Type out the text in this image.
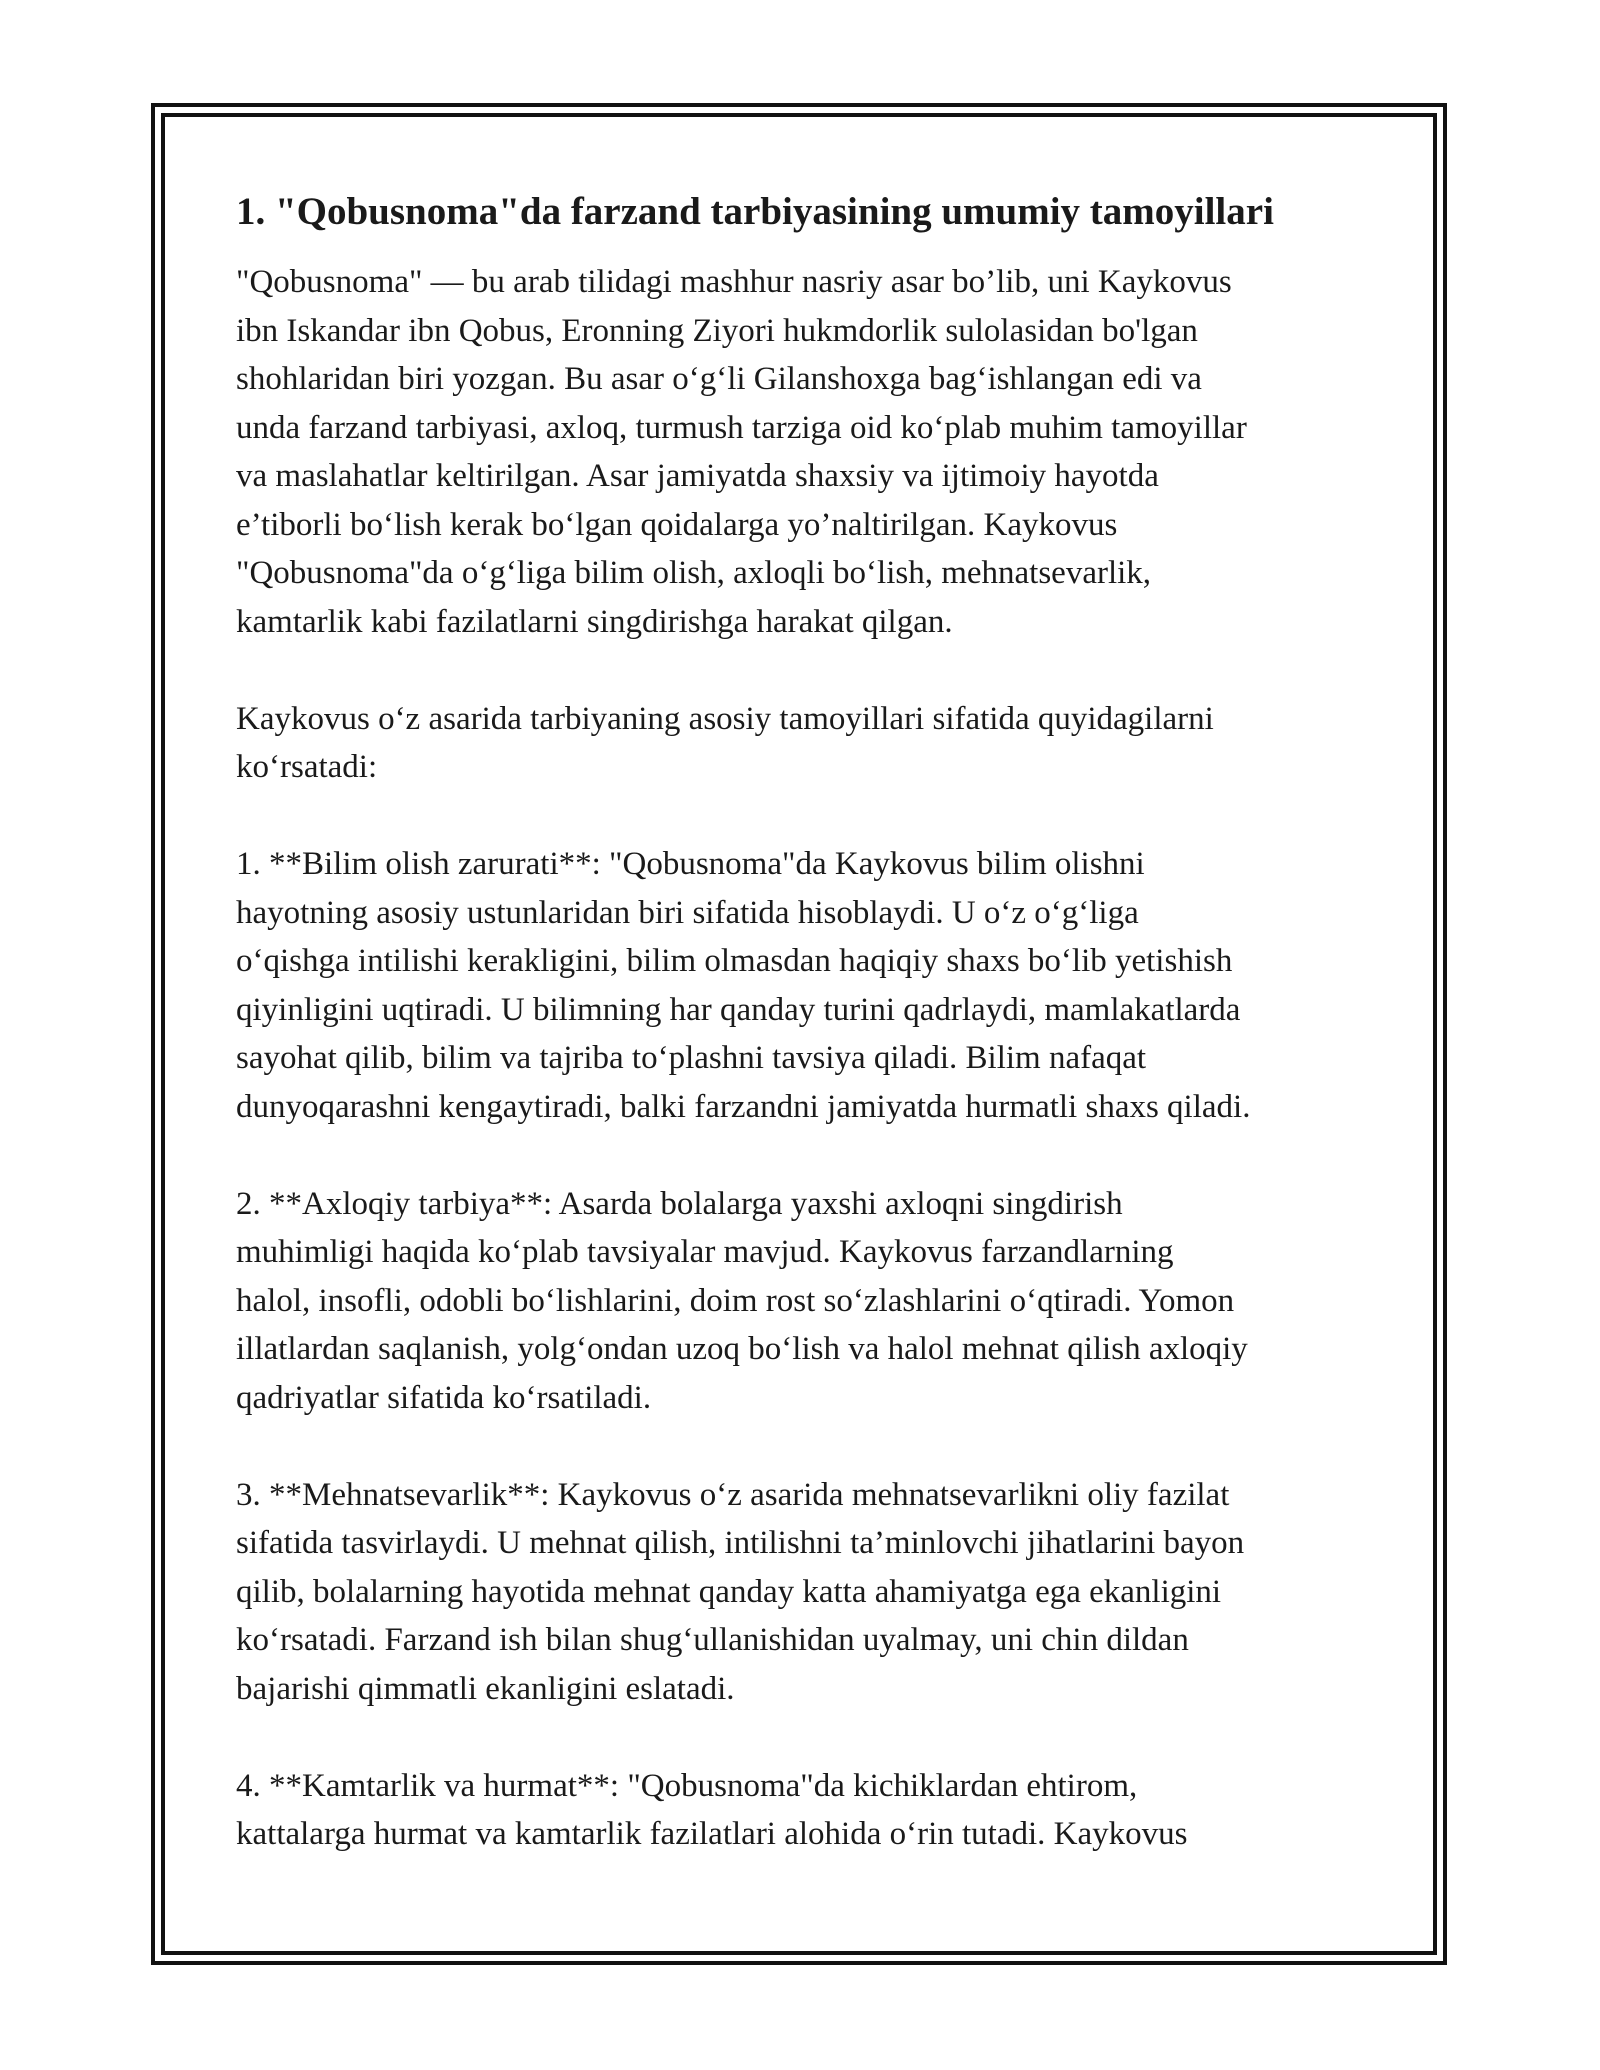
1. "Qobusnoma"da farzand tarbiyasining umumiy tamoyillari

"Qobusnoma" — bu arab tilidagi mashhur nasriy asar bo’lib, uni Kaykovus
ibn Iskandar ibn Qobus, Eronning Ziyori hukmdorlik sulolasidan bo'lgan
shohlaridan biri yozgan. Bu asar o‘g‘li Gilanshoxga bag‘ishlangan edi va
unda farzand tarbiyasi, axloq, turmush tarziga oid ko‘plab muhim tamoyillar
va maslahatlar keltirilgan. Asar jamiyatda shaxsiy va ijtimoiy hayotda
e’tiborli bo‘lish kerak bo‘lgan qoidalarga yo’naltirilgan. Kaykovus
"Qobusnoma"da o‘g‘liga bilim olish, axloqli bo‘lish, mehnatsevarlik,
kamtarlik kabi fazilatlarni singdirishga harakat qilgan.

Kaykovus o‘z asarida tarbiyaning asosiy tamoyillari sifatida quyidagilarni
ko‘rsatadi:

1. **Bilim olish zarurati**: "Qobusnoma"da Kaykovus bilim olishni
hayotning asosiy ustunlaridan biri sifatida hisoblaydi. U o‘z o‘g‘liga
o‘qishga intilishi kerakligini, bilim olmasdan haqiqiy shaxs bo‘lib yetishish
qiyinligini uqtiradi. U bilimning har qanday turini qadrlaydi, mamlakatlarda
sayohat qilib, bilim va tajriba to‘plashni tavsiya qiladi. Bilim nafaqat
dunyoqarashni kengaytiradi, balki farzandni jamiyatda hurmatli shaxs qiladi.

2. **Axloqiy tarbiya**: Asarda bolalarga yaxshi axloqni singdirish
muhimligi haqida ko‘plab tavsiyalar mavjud. Kaykovus farzandlarning
halol, insofli, odobli bo‘lishlarini, doim rost so‘zlashlarini o‘qtiradi. Yomon
illatlardan saqlanish, yolg‘ondan uzoq bo‘lish va halol mehnat qilish axloqiy
qadriyatlar sifatida ko‘rsatiladi.

3. **Mehnatsevarlik**: Kaykovus o‘z asarida mehnatsevarlikni oliy fazilat
sifatida tasvirlaydi. U mehnat qilish, intilishni ta’minlovchi jihatlarini bayon
qilib, bolalarning hayotida mehnat qanday katta ahamiyatga ega ekanligini
ko‘rsatadi. Farzand ish bilan shug‘ullanishidan uyalmay, uni chin dildan
bajarishi qimmatli ekanligini eslatadi.

4. **Kamtarlik va hurmat**: "Qobusnoma"da kichiklardan ehtirom,
kattalarga hurmat va kamtarlik fazilatlari alohida o‘rin tutadi. Kaykovus
